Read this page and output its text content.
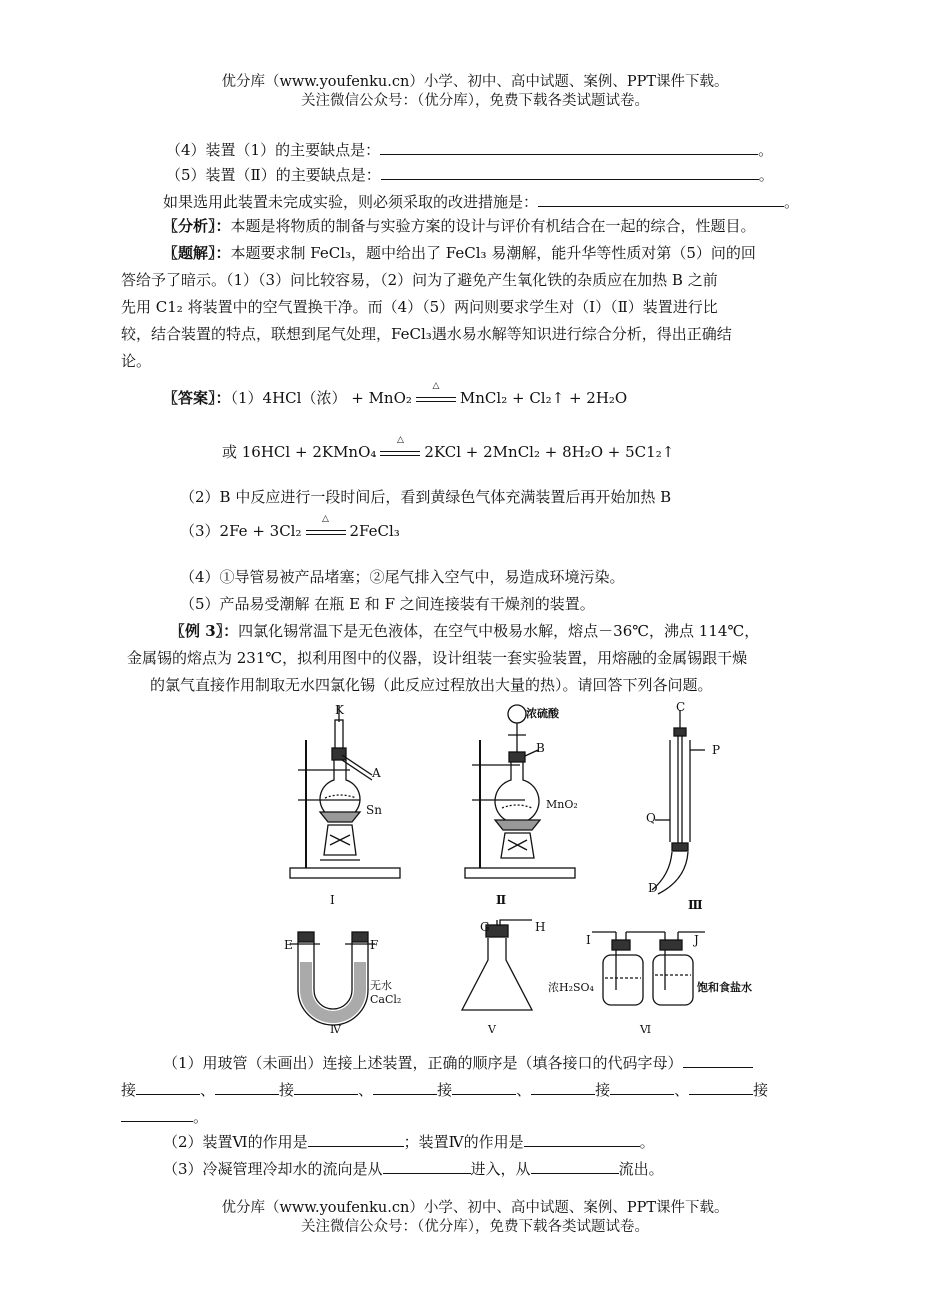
优分库（www.youfenku.cn）小学、初中、高中试题、案例、PPT课件下载。
关注微信公众号：（优分库），免费下载各类试题试卷。
（4）装置（1）的主要缺点是：	。
（5）装置（Ⅱ）的主要缺点是：	。
如果选用此装置未完成实验，则必须采取的改进措施是：	。
〖分析〗：本题是将物质的制备与实验方案的设计与评价有机结合在一起的综合，性题目。
〖题解〗：本题要求制 FeCl₃，题中给出了 FeCl₃ 易潮解，能升华等性质对第（5）问的回
答给予了暗示。（1）（3）问比较容易，（2）问为了避免产生氧化铁的杂质应在加热 B 之前
先用 C1₂ 将装置中的空气置换干净。而（4）（5）两问则要求学生对（Ⅰ）（Ⅱ）装置进行比
较，结合装置的特点，联想到尾气处理，FeCl₃遇水易水解等知识进行综合分析，得出正确结
论。
〖答案〗：（1）4HCl（浓） + MnO₂
△
MnCl₂ + Cl₂↑ + 2H₂O
或 16HCl + 2KMnO₄
△
2KCl + 2MnCl₂ + 8H₂O + 5C1₂↑
（2）B 中反应进行一段时间后，看到黄绿色气体充满装置后再开始加热 B
（3）2Fe + 3Cl₂
△
2FeCl₃
（4）①导管易被产品堵塞；②尾气排入空气中，易造成环境污染。
（5）产品易受潮解 在瓶 E 和 F 之间连接装有干燥剂的装置。
〖例 3〗：四氯化锡常温下是无色液体，在空气中极易水解，熔点－36℃，沸点 114℃，
金属锡的熔点为 231℃，拟利用图中的仪器，设计组装一套实验装置，用熔融的金属锡跟干燥
的氯气直接作用制取无水四氯化锡（此反应过程放出大量的热）。请回答下列各问题。
K
A
Sn
I
浓硫酸
B
MnO₂
Ⅱ
C
P
Q
D
Ⅲ
E	F
无水
CaCl₂
Ⅳ
G	H
Ⅴ
I	J
浓H₂SO₄	饱和食盐水
Ⅵ
（1）用玻管（未画出）连接上述装置，正确的顺序是（填各接口的代码字母）
接	、	接	、	接	、	接	、	接
。
（2）装置Ⅵ的作用是	；装置Ⅳ的作用是	。
（3）冷凝管理冷却水的流向是从	进入，从	流出。
优分库（www.youfenku.cn）小学、初中、高中试题、案例、PPT课件下载。
关注微信公众号：（优分库），免费下载各类试题试卷。
